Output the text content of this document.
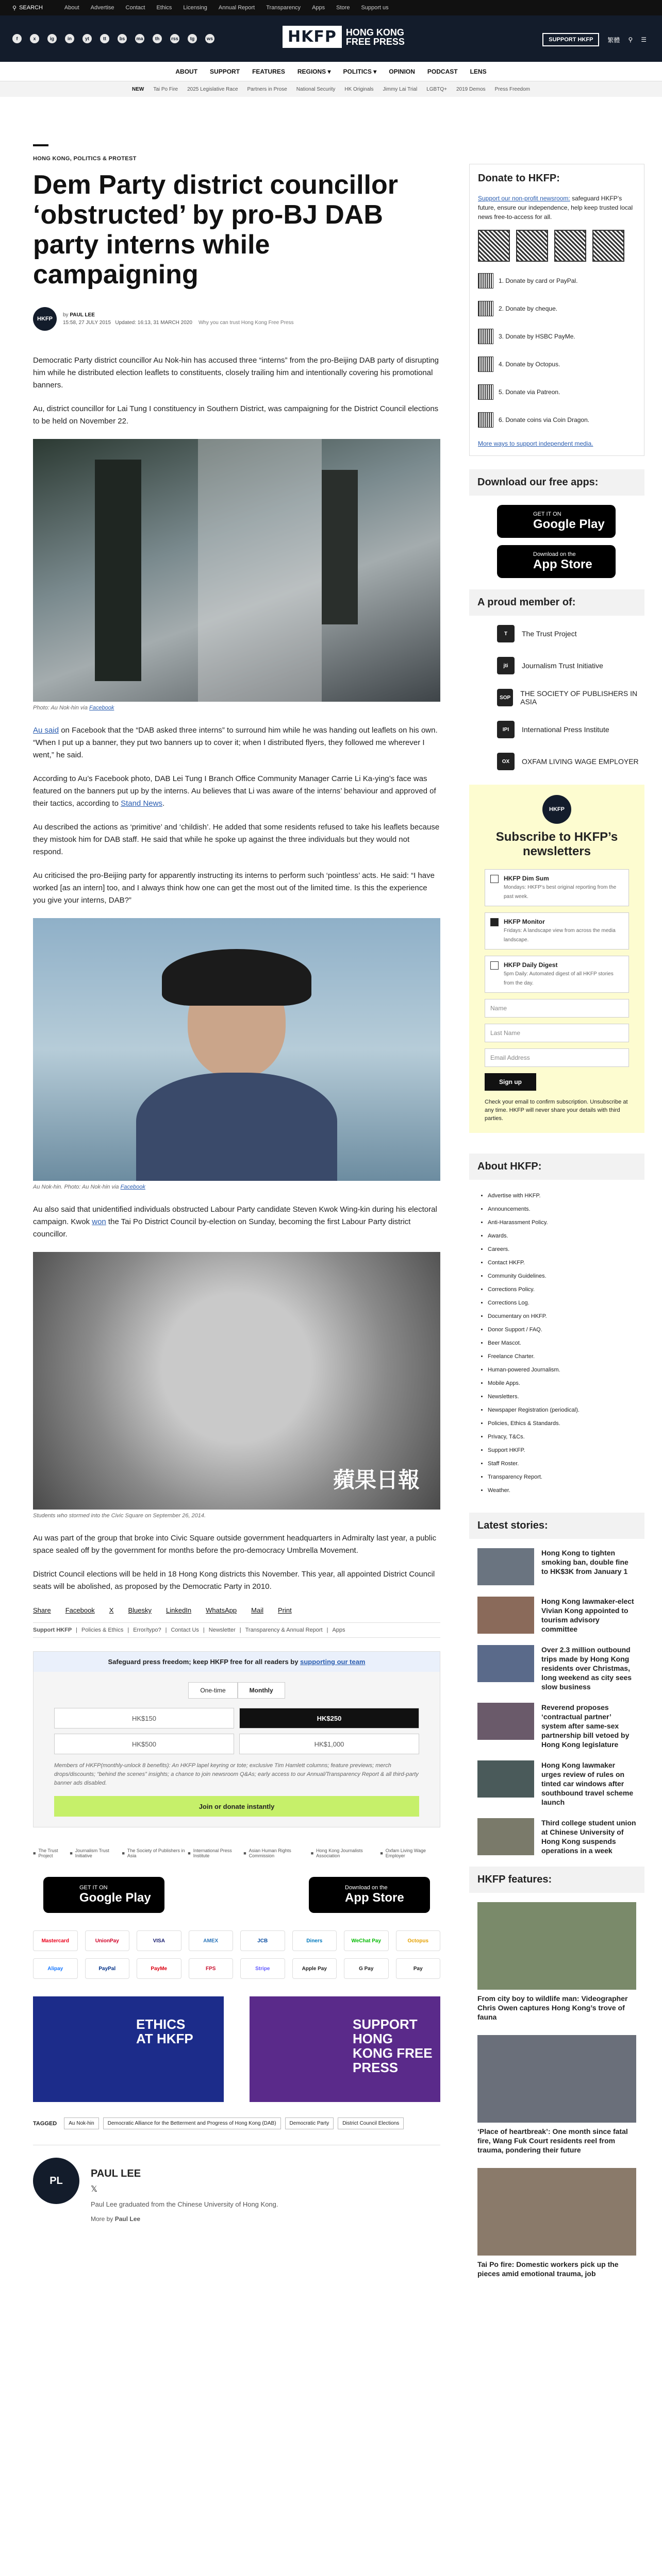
⚲ SEARCH	About Advertise Contact Ethics Licensing Annual Report Transparency Apps Store Support us
f	x	ig	in	yt	tt	bs	ma	th	rss	tg	ws	HKFP	HONG KONG
FREE PRESS	SUPPORT HKFP	繁體 ⚲ ☰
ABOUT SUPPORT FEATURES REGIONS ▾ POLITICS ▾ OPINION PODCAST LENS
NEW Tai Po Fire 2025 Legislative Race Partners in Prose National Security HK Originals Jimmy Lai Trial LGBTQ+ 2019 Demos Press Freedom
HONG KONG, POLITICS & PROTEST
Dem Party district councillor ‘obstructed’ by pro-BJ DAB party interns while campaigning
HKFP
by PAUL LEE
15:58, 27 JULY 2015 Updated: 16:13, 31 MARCH 2020 Why you can trust Hong Kong Free Press

Democratic Party district councillor Au Nok-hin has accused three “interns” from the pro-Beijing DAB party of disrupting him while he distributed election leaflets to constituents, closely trailing him and intentionally covering his promotional banners.

Au, district councillor for Lai Tung I constituency in Southern District, was campaigning for the District Council elections to be held on November 22.

Photo: Au Nok-hin via Facebook

Au said on Facebook that the “DAB asked three interns” to surround him while he was handing out leaflets on his own. “When I put up a banner, they put two banners up to cover it; when I distributed flyers, they followed me wherever I went,” he said.

According to Au’s Facebook photo, DAB Lei Tung I Branch Office Community Manager Carrie Li Ka-ying’s face was featured on the banners put up by the interns. Au believes that Li was aware of the interns’ behaviour and approved of their tactics, according to Stand News.

Au described the actions as ‘primitive’ and ‘childish’. He added that some residents refused to take his leaflets because they mistook him for DAB staff. He said that while he spoke up against the three individuals but they would not respond.

Au criticised the pro-Beijing party for apparently instructing its interns to perform such ‘pointless’ acts. He said: “I have worked [as an intern] too, and I always think how one can get the most out of the limited time. Is this the experience you give your interns, DAB?”

Au Nok-hin. Photo: Au Nok-hin via Facebook

Au also said that unidentified individuals obstructed Labour Party candidate Steven Kwok Wing-kin during his electoral campaign. Kwok won the Tai Po District Council by-election on Sunday, becoming the first Labour Party district councillor.

蘋果日報
Students who stormed into the Civic Square on September 26, 2014.

Au was part of the group that broke into Civic Square outside government headquarters in Admiralty last year, a public space sealed off by the government for months before the pro-democracy Umbrella Movement.

District Council elections will be held in 18 Hong Kong districts this November. This year, all appointed District Council seats will be abolished, as proposed by the Democratic Party in 2010.

Share Facebook X Bluesky LinkedIn WhatsApp Mail Print
Support HKFP | Policies & Ethics | Error/typo? | Contact Us | Newsletter | Transparency & Annual Report | Apps
Safeguard press freedom; keep HKFP free for all readers by supporting our team
One-time	Monthly
HK$150	HK$250
HK$500	HK$1,000
Members of HKFP(monthly-unlock 8 benefits): An HKFP lapel keyring or tote; exclusive Tim Hamlett columns; feature previews; merch drops/discounts; “behind the scenes” insights; a chance to join newsroom Q&As; early access to our Annual/Transparency Report & all third-party banner ads disabled.
Join or donate instantly
■ The Trust Project	■ Journalism Trust Initiative	■ The Society of Publishers in Asia	■ International Press Institute	■ Asian Human Rights Commission	■ Hong Kong Journalists Association	■ Oxfam Living Wage Employer
GET IT ON
Google Play
Download on the
App Store
Mastercard	UnionPay	VISA	AMEX	JCB	Diners	WeChat Pay	Octopus
Alipay	PayPal	PayMe	FPS	Stripe	Apple Pay	G Pay	Pay
ETHICS
AT HKFP
SUPPORT HONG
KONG FREE PRESS
TAGGED	Au Nok-hin	Democratic Alliance for the Betterment and Progress of Hong Kong (DAB)	Democratic Party	District Council Elections
PL
PAUL LEE
𝕏
Paul Lee graduated from the Chinese University of Hong Kong.
More by Paul Lee
Donate to HKFP:
Support our non-profit newsroom: safeguard HKFP’s future, ensure our independence, help keep trusted local news free-to-access for all.
1. Donate by card or PayPal.
2. Donate by cheque.
3. Donate by HSBC PayMe.
4. Donate by Octopus.
5. Donate via Patreon.
6. Donate coins via Coin Dragon.
More ways to support independent media.
Download our free apps:
GET IT ON
Google Play
Download on the
App Store
A proud member of:
T	The Trust Project
jti	Journalism Trust Initiative
SOP	THE SOCIETY OF PUBLISHERS IN ASIA
IPI	International Press Institute
OX	OXFAM LIVING WAGE EMPLOYER
HKFP
Subscribe to HKFP’s newsletters
HKFP Dim Sum
Mondays: HKFP’s best original reporting from the past week.
HKFP Monitor
Fridays: A landscape view from across the media landscape.
HKFP Daily Digest
5pm Daily: Automated digest of all HKFP stories from the day.
Name
Last Name
Email Address
Sign up
Check your email to confirm subscription. Unsubscribe at any time. HKFP will never share your details with third parties.
About HKFP:
• Advertise with HKFP.
• Announcements.
• Anti-Harassment Policy.
• Awards.
• Careers.
• Contact HKFP.
• Community Guidelines.
• Corrections Policy.
• Corrections Log.
• Documentary on HKFP.
• Donor Support / FAQ.
• Beer Mascot.
• Freelance Charter.
• Human-powered Journalism.
• Mobile Apps.
• Newsletters.
• Newspaper Registration (periodical).
• Policies, Ethics & Standards.
• Privacy, T&Cs.
• Support HKFP.
• Staff Roster.
• Transparency Report.
• Weather.
Latest stories:
Hong Kong to tighten smoking ban, double fine to HK$3K from January 1
Hong Kong lawmaker-elect Vivian Kong appointed to tourism advisory committee
Over 2.3 million outbound trips made by Hong Kong residents over Christmas, long weekend as city sees slow business
Reverend proposes ‘contractual partner’ system after same-sex partnership bill vetoed by Hong Kong legislature
Hong Kong lawmaker urges review of rules on tinted car windows after southbound travel scheme launch
Third college student union at Chinese University of Hong Kong suspends operations in a week
HKFP features:
From city boy to wildlife man: Videographer Chris Owen captures Hong Kong’s trove of fauna
‘Place of heartbreak’: One month since fatal fire, Wang Fuk Court residents reel from trauma, pondering their future
Tai Po fire: Domestic workers pick up the pieces amid emotional trauma, job
